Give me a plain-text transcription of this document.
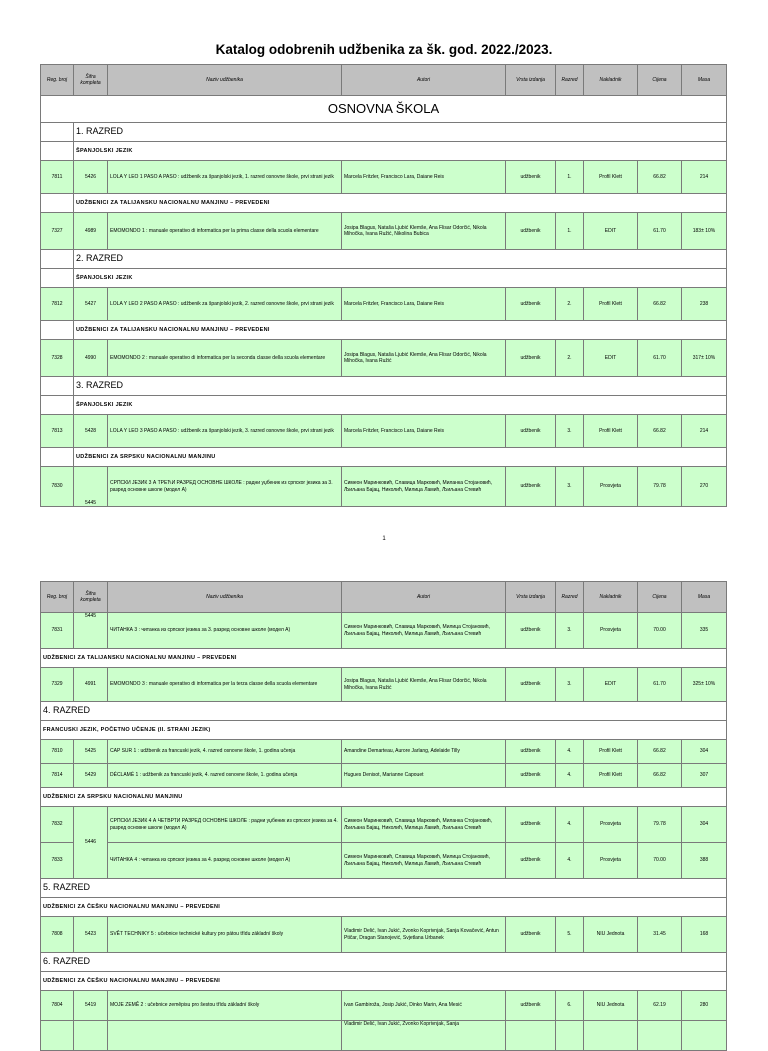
Katalog odobrenih udžbenika za šk. god. 2022./2023.
Reg. broj	Šifra kompleta	Naziv udžbenika	Autori	Vrsta izdanja	Razred	Nakladnik	Cijena	Masa
OSNOVNA ŠKOLA								
	1. RAZRED							
	ŠPANJOLSKI JEZIK							
7811	5426	LOLA Y LEO 1 PASO A PASO : udžbenik za španjolski jezik, 1. razred osnovne škole, prvi strani jezik	Marcela Fritzler, Francisco Lara, Daiane Reis	udžbenik	1.	Profil Klett	66.82	214
	UDŽBENICI ZA TALIJANSKU NACIONALNU MANJINU – PREVEDENI							
7327	4989	EMOMONDO 1 : manuale operativo di informatica per la prima classe della scuola elementare	Josipa Blagus, Nataša Ljubić Klemše, Ana Flisar Odorčić, Nikola Mihočka, Ivana Ružić, Nikolina Bubica	udžbenik	1.	EDIT	61.70	183± 10%
	2. RAZRED							
	ŠPANJOLSKI JEZIK							
7812	5427	LOLA Y LEO 2 PASO A PASO : udžbenik za španjolski jezik, 2. razred osnovne škole, prvi strani jezik	Marcela Fritzler, Francisco Lara, Daiane Reis	udžbenik	2.	Profil Klett	66.82	238
	UDŽBENICI ZA TALIJANSKU NACIONALNU MANJINU – PREVEDENI							
7328	4990	EMOMONDO 2 : manuale operativo di informatica per la seconda classe della scuola elementare	Josipa Blagus, Nataša Ljubić Klemše, Ana Flisar Odorčić, Nikola Mihočka, Ivana Ružić	udžbenik	2.	EDIT	61.70	317± 10%
	3. RAZRED							
	ŠPANJOLSKI JEZIK							
7813	5428	LOLA Y LEO 3 PASO A PASO : udžbenik za španjolski jezik, 3. razred osnovne škole, prvi strani jezik	Marcela Fritzler, Francisco Lara, Daiane Reis	udžbenik	3.	Profil Klett	66.82	214
	UDŽBENICI ZA SRPSKU NACIONALNU MANJINU							
7830	5445	СРПСКИ ЈЕЗИК 3 А ТРЕЋИ РАЗРЕД ОСНОВНЕ ШКОЛЕ : радни уџбеник из српског језика за 3. разред основне школе (модел А)	Симеон Маринковић, Славица Марковић, Миланка Стојановић, Љиљана Бајац, Николић, Милица Ламић, Љиљана Стевић	udžbenik	3.	Prosvjeta	79.78	270
1
Reg. broj	Šifra kompleta	Naziv udžbenika	Autori	Vrsta izdanja	Razred	Nakladnik	Cijena	Masa
7831	5445	ЧИТАНКА 3 : читанка из српског језика за 3. разред основне школе (модел А)	Симеон Маринковић, Славица Марковић, Милица Стојановић, Љиљана Бајац, Николић, Милица Ламић, Љиљана Стевић	udžbenik	3.	Prosvjeta	70.00	335
UDŽBENICI ZA TALIJANSKU NACIONALNU MANJINU – PREVEDENI								
7329	4991	EMOMONDO 3 : manuale operativo di informatica per la terza classe della scuola elementare	Josipa Blagus, Nataša Ljubić Klemše, Ana Flisar Odorčić, Nikola Mihočka, Ivana Ružić	udžbenik	3.	EDIT	61.70	325± 10%
4. RAZRED								
FRANCUSKI JEZIK, POČETNO UČENJE (II. STRANI JEZIK)								
7810	5425	CAP SUR 1 : udžbenik za francuski jezik, 4. razred osnovne škole, 1. godina učenja	Amandine Demarteau, Aurore Jarlang, Adelaide Tilly	udžbenik	4.	Profil Klett	66.82	304
7814	5429	DÉCLAMÉ 1 : udžbenik za francuski jezik, 4. razred osnovne škole, 1. godina učenja	Hugues Denisot, Marianne Capouet	udžbenik	4.	Profil Klett	66.82	307
UDŽBENICI ZA SRPSKU NACIONALNU MANJINU								
7832	5446	СРПСКИ ЈЕЗИК 4 А ЧЕТВРТИ РАЗРЕД ОСНОВНЕ ШКОЛЕ : радни уџбеник из српског језика за 4. разред основне школе (модел А)	Симеон Маринковић, Славица Марковић, Миланка Стојановић, Љиљана Бајац, Николић, Милица Ламић, Љиљана Стевић	udžbenik	4.	Prosvjeta	79.78	304
7833		ЧИТАНКА 4 : читанка из српског језика за 4. разред основне школе (модел А)	Симеон Маринковић, Славица Марковић, Милица Стојановић, Љиљана Бајац, Николић, Милица Ламић, Љиљана Стевић	udžbenik	4.	Prosvjeta	70.00	388
5. RAZRED								
UDŽBENICI ZA ČEŠKU NACIONALNU MANJINU – PREVEDENI								
7808	5423	SVĚT TECHNIKY 5 : učebnice technické kultury pro pátou třídu základní školy	Vladimir Delić, Ivan Jukić, Zvonko Koprivnjak, Sanja Kovačević, Antun Ptičar, Dragan Stanojević, Svjetlana Urbanek	udžbenik	5.	NIU Jednota	31.45	168
6. RAZRED								
UDŽBENICI ZA ČEŠKU NACIONALNU MANJINU – PREVEDENI								
7804	5419	MOJE ZEMĚ 2 : učebnice zeměpisu pro šestou třídu základní školy	Ivan Gambiroža, Josip Jukić, Dinko Marin, Ana Mesić	udžbenik	6.	NIU Jednota	62.19	280
			Vladimir Delić, Ivan Jukić, Zvonko Koprivnjak, Sanja					
